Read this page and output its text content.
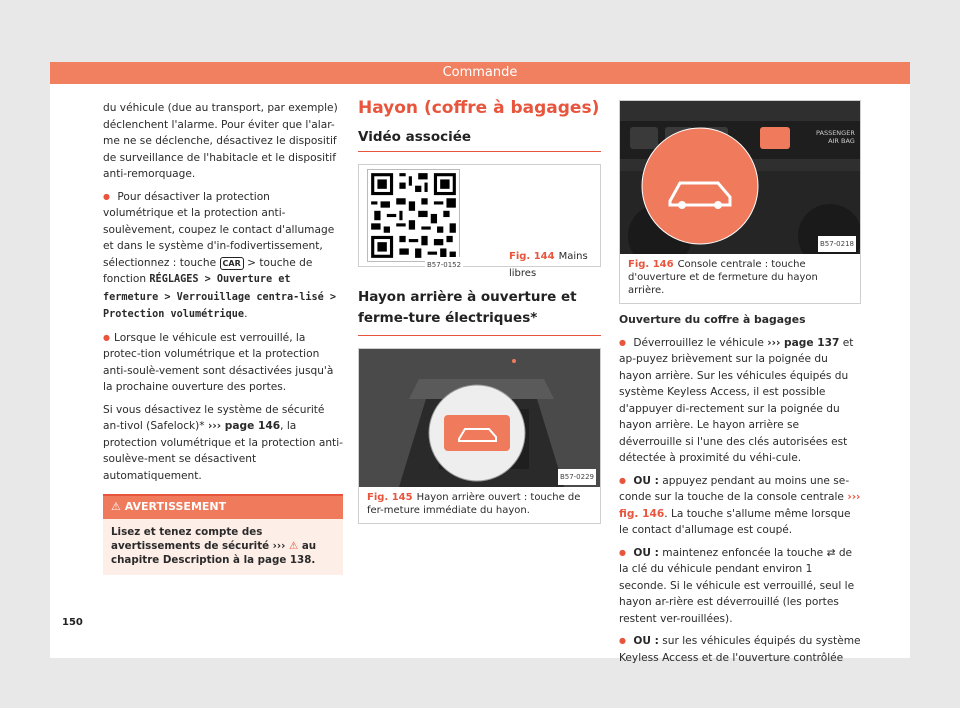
Commande

du véhicule (due au transport, par exemple) déclenchent l'alarme. Pour éviter que l'alar-me ne se déclenche, désactivez le dispositif de surveillance de l'habitacle et le dispositif anti-remorquage.

● Pour désactiver la protection volumétrique et la protection anti-soulèvement, coupez le contact d'allumage et dans le système d'in-fodivertissement, sélectionnez : touche CAR > touche de fonction RÉGLAGES > Ouverture et fermeture > Verrouillage centra-lisé > Protection volumétrique.

● Lorsque le véhicule est verrouillé, la protec-tion volumétrique et la protection anti-soulè-vement sont désactivées jusqu'à la prochaine ouverture des portes.

Si vous désactivez le système de sécurité an-tivol (Safelock)* ››› page 146, la protection volumétrique et la protection anti-soulève-ment se désactivent automatiquement.

⚠ AVERTISSEMENT
Lisez et tenez compte des avertissements de sécurité ››› ⚠ au chapitre Description à la page 138.
Hayon (coffre à bagages)
Vidéo associée
B57-0152
Fig. 144 Mains libres
Hayon arrière à ouverture et ferme-ture électriques*
B57-0229
Fig. 145 Hayon arrière ouvert : touche de fer-meture immédiate du hayon.
PASSENGER
AIR BAG
B57-0218
Fig. 146 Console centrale : touche d'ouverture et de fermeture du hayon arrière.

Ouverture du coffre à bagages

● Déverrouillez le véhicule ››› page 137 et ap-puyez brièvement sur la poignée du hayon arrière. Sur les véhicules équipés du système Keyless Access, il est possible d'appuyer di-rectement sur la poignée du hayon arrière. Le hayon arrière se déverrouille si l'une des clés autorisées est détectée à proximité du véhi-cule.

● OU : appuyez pendant au moins une se-conde sur la touche de la console centrale ››› fig. 146. La touche s'allume même lorsque le contact d'allumage est coupé.

● OU : maintenez enfoncée la touche ⇄ de la clé du véhicule pendant environ 1 seconde. Si le véhicule est verrouillé, seul le hayon ar-rière est déverrouillé (les portes restent ver-rouillées).

● OU : sur les véhicules équipés du système Keyless Access et de l'ouverture contrôlée

150
